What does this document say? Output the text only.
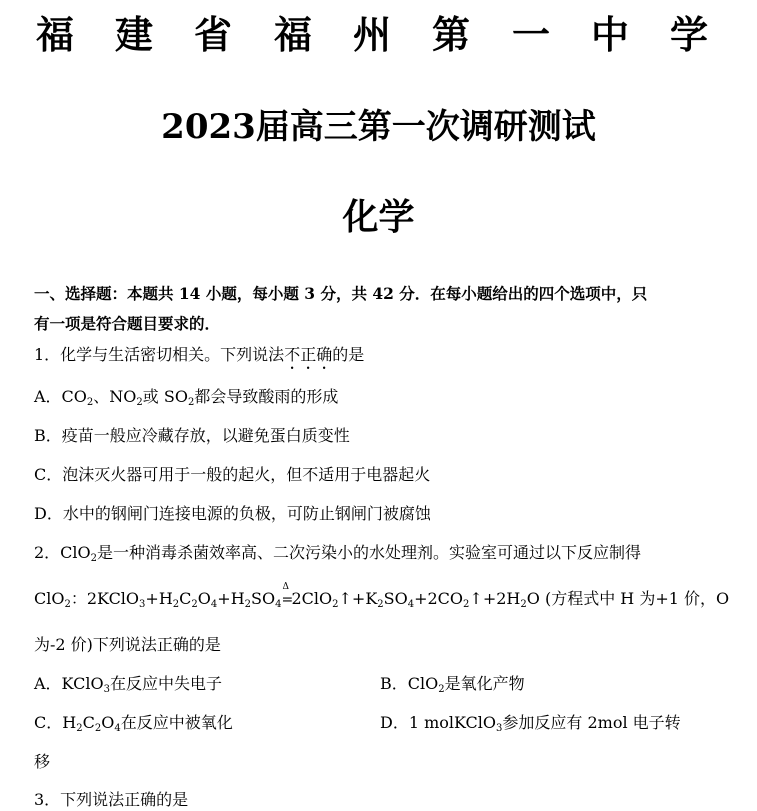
福 建 省 福 州 第 一 中 学
2023届高三第一次调研测试
化学
一、选择题：本题共 14 小题，每小题 3 分，共 42 分．在每小题给出的四个选项中，只
有一项是符合题目要求的．
1．化学与生活密切相关。下列说法不正确的是
A．$CO_2$、$NO_2$或 $SO_2$都会导致酸雨的形成
B．疫苗一般应冷藏存放，以避免蛋白质变性
C．泡沫灭火器可用于一般的起火，但不适用于电器起火
D．水中的钢闸门连接电源的负极，可防止钢闸门被腐蚀
2．ClO$_2$是一种消毒杀菌效率高、二次污染小的水处理剂。实验室可通过以下反应制得
ClO$_2$：$2KClO_3+H_2C_2O_4+H_2SO_4$
Δ
$=2ClO_2↑+K_2SO_4+2CO_2↑+2H_2O$ (方程式中 H 为+1 价，O
为-2 价)下列说法正确的是
A．KClO$_3$在反应中失电子	B．ClO$_2$是氧化产物
C．$H_2C_2O_4$在反应中被氧化	D．1 molKClO$_3$参加反应有 2mol 电子转
移
3．下列说法正确的是
